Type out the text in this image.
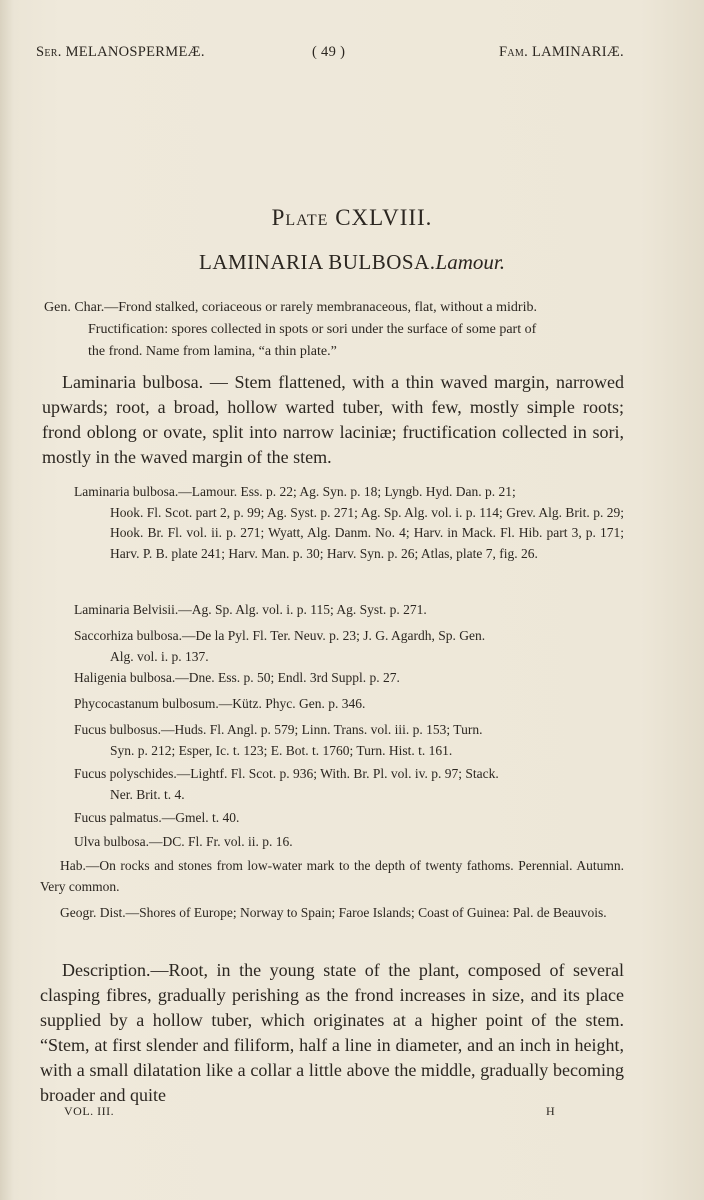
Ser. MELANOSPERMEÆ.	( 49 )	Fam. LAMINARIÆ.
Plate CXLVIII.
LAMINARIA BULBOSA.Lamour.
Gen. Char.—Frond stalked, coriaceous or rarely membranaceous, flat, without a midrib.
Fructification: spores collected in spots or sori under the surface of some part of
the frond. Name from lamina, “a thin plate.”
Laminaria bulbosa. — Stem flattened, with a thin waved margin, narrowed upwards; root, a broad, hollow warted tuber, with few, mostly simple roots; frond oblong or ovate, split into narrow laciniæ; fructification collected in sori, mostly in the waved margin of the stem.
Laminaria bulbosa.—Lamour. Ess. p. 22; Ag. Syn. p. 18; Lyngb. Hyd. Dan. p. 21;
Hook. Fl. Scot. part 2, p. 99; Ag. Syst. p. 271; Ag. Sp. Alg. vol. i. p. 114; Grev. Alg. Brit. p. 29; Hook. Br. Fl. vol. ii. p. 271; Wyatt, Alg. Danm. No. 4; Harv. in Mack. Fl. Hib. part 3, p. 171; Harv. P. B. plate 241; Harv. Man. p. 30; Harv. Syn. p. 26; Atlas, plate 7, fig. 26.
Laminaria Belvisii.—Ag. Sp. Alg. vol. i. p. 115; Ag. Syst. p. 271.
Saccorhiza bulbosa.—De la Pyl. Fl. Ter. Neuv. p. 23; J. G. Agardh, Sp. Gen.
Alg. vol. i. p. 137.
Haligenia bulbosa.—Dne. Ess. p. 50; Endl. 3rd Suppl. p. 27.
Phycocastanum bulbosum.—Kütz. Phyc. Gen. p. 346.
Fucus bulbosus.—Huds. Fl. Angl. p. 579; Linn. Trans. vol. iii. p. 153; Turn.
Syn. p. 212; Esper, Ic. t. 123; E. Bot. t. 1760; Turn. Hist. t. 161.
Fucus polyschides.—Lightf. Fl. Scot. p. 936; With. Br. Pl. vol. iv. p. 97; Stack.
Ner. Brit. t. 4.
Fucus palmatus.—Gmel. t. 40.
Ulva bulbosa.—DC. Fl. Fr. vol. ii. p. 16.
Hab.—On rocks and stones from low-water mark to the depth of twenty fathoms. Perennial. Autumn. Very common.
Geogr. Dist.—Shores of Europe; Norway to Spain; Faroe Islands; Coast of Guinea: Pal. de Beauvois.
Description.—Root, in the young state of the plant, composed of several clasping fibres, gradually perishing as the frond increases in size, and its place supplied by a hollow tuber, which originates at a higher point of the stem. “Stem, at first slender and filiform, half a line in diameter, and an inch in height, with a small dilatation like a collar a little above the middle, gradually becoming broader and quite
VOL. III.	H
